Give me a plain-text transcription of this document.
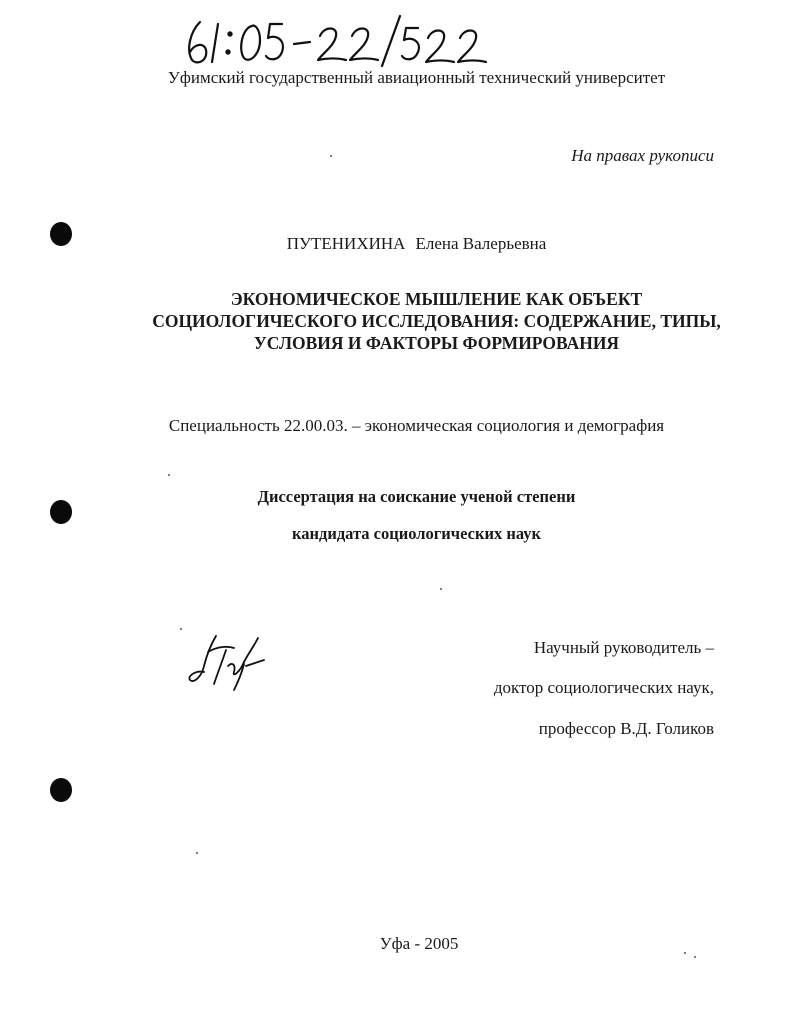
Уфимский государственный авиационный технический университет
На правах рукописи
ПУТЕНИХИНА Елена Валерьевна
ЭКОНОМИЧЕСКОЕ МЫШЛЕНИЕ КАК ОБЪЕКТ
СОЦИОЛОГИЧЕСКОГО ИССЛЕДОВАНИЯ: СОДЕРЖАНИЕ, ТИПЫ,
УСЛОВИЯ И ФАКТОРЫ ФОРМИРОВАНИЯ
Специальность 22.00.03. – экономическая социология и демография
Диссертация на соискание ученой степени
кандидата социологических наук
Научный руководитель –
доктор социологических наук,
профессор В.Д. Голиков
Уфа - 2005
